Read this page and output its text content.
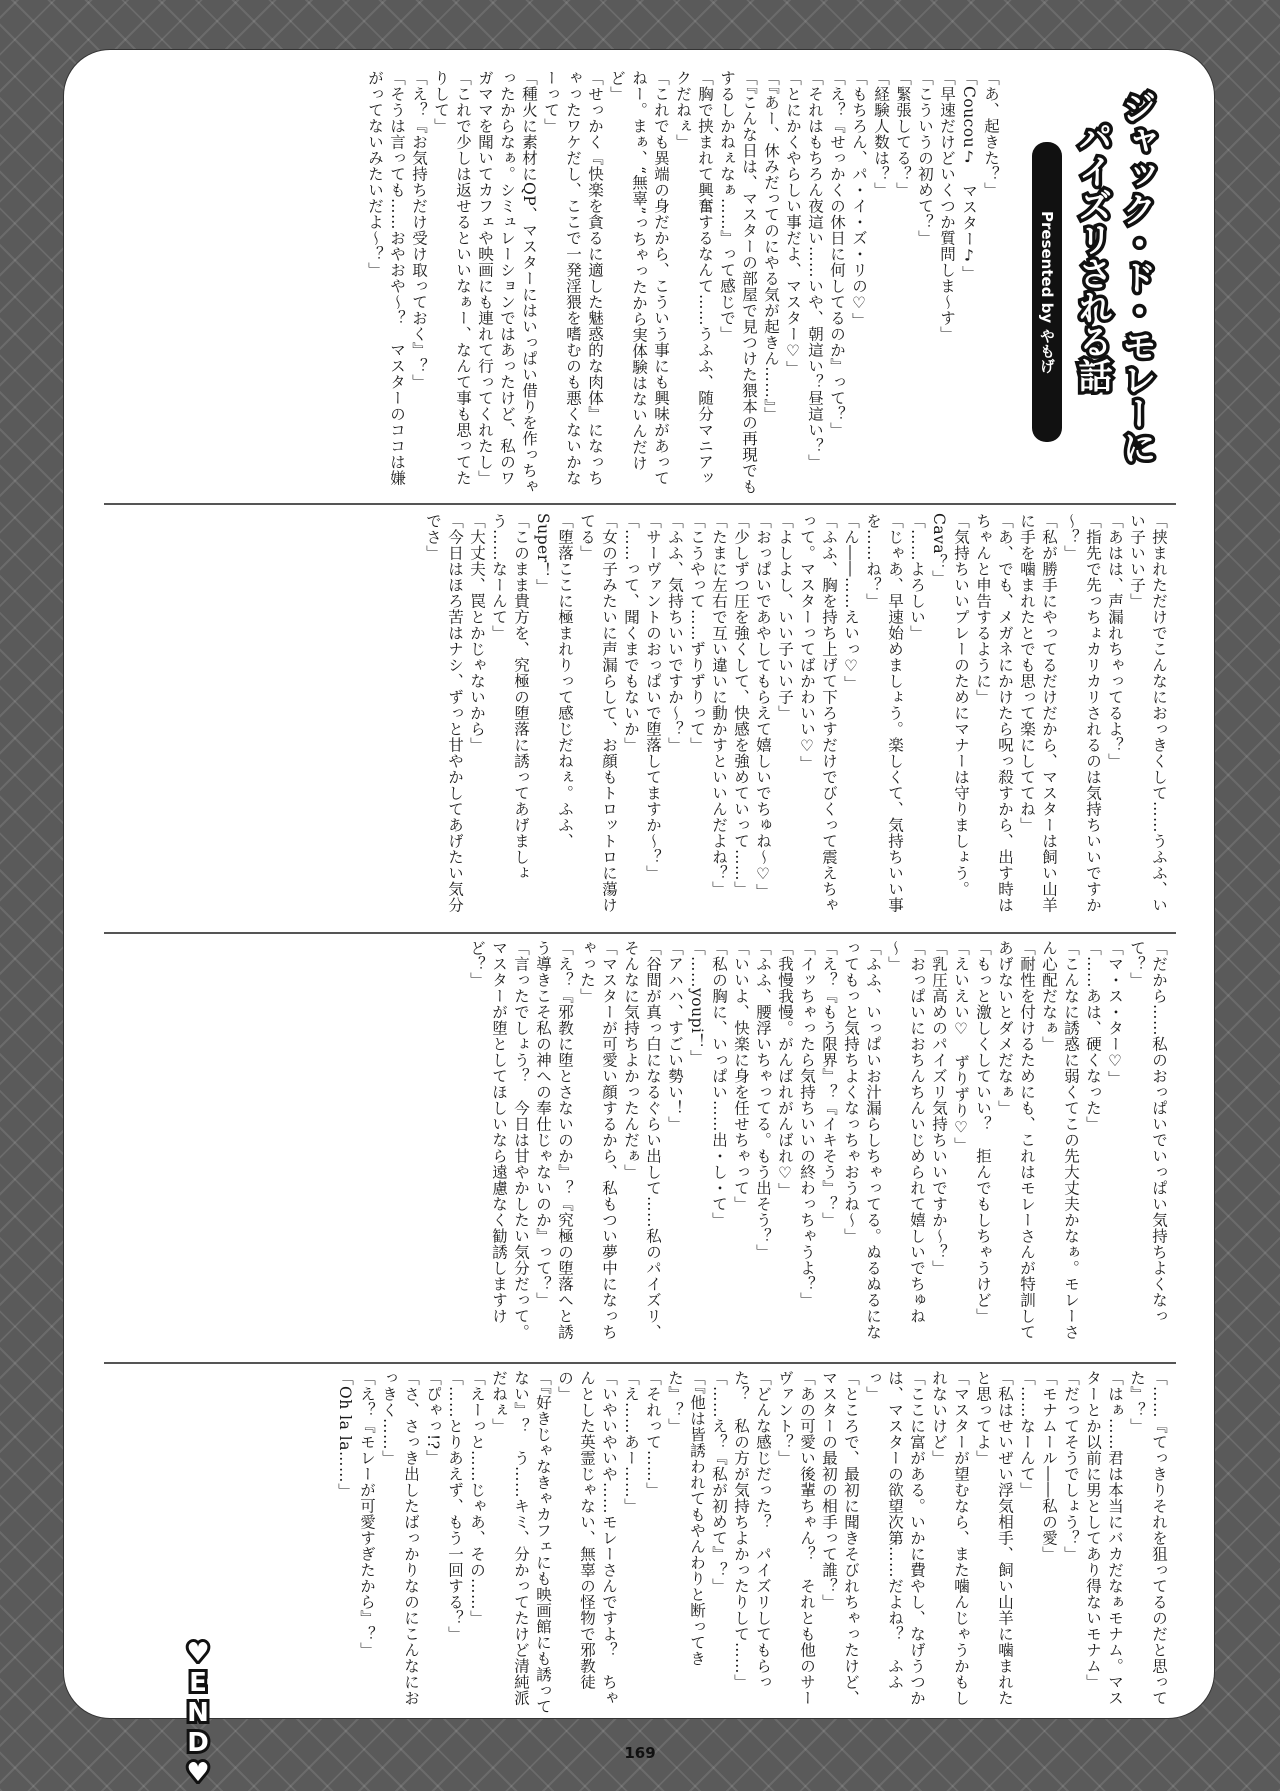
ジャック・ド・モレーに
パイズリされる話
Presented by やもげ
「あ、起きた？」
「Coucou♪　マスター♪」
「早速だけどいくつか質問しま～す」
「こういうの初めて？」
「緊張してる？」
「経験人数は？」
「もちろん、パ・イ・ズ・リの♡」
「え？『せっかくの休日に何してるのか』って？」
「それはもちろん夜這い……いや、朝這い？昼這い？」
「とにかくやらしい事だよ、マスター♡」
「『あー、休みだってのにやる気が起きん……』」
「『こんな日は、マスターの部屋で見つけた猥本の再現でもするしかねぇなぁ……』って感じで」
「胸で挟まれて興奮するなんて……うふふ、随分マニアックだねぇ」
「これでも異端の身だから、こういう事にも興味があってねー。まぁ、“無辜”っちゃったから実体験はないんだけど」
「せっかく『快楽を貪るに適した魅惑的な肉体』になっちゃったワケだし、ここで一発淫猥を嗜むのも悪くないかなーって」
「種火に素材にQP、マスターにはいっぱい借りを作っちゃったからなぁ。シミュレーションではあったけど、私のワガママを聞いてカフェや映画にも連れて行ってくれたし」
「これで少しは返せるといいなぁー、なんて事も思ってたりして」
「え？『お気持ちだけ受け取っておく』？」
「そうは言っても……おやおや～？　マスターのココは嫌がってないみたいだよ～？」
「挟まれただけでこんなにおっきくして……うふふ、いい子いい子」
「あはは、声漏れちゃってるよ？」
「指先で先っちょカリカリされるのは気持ちいいですか～？」
「私が勝手にやってるだけだから、マスターは飼い山羊に手を噛まれたとでも思って楽にしててね」
「あ、でも、メガネにかけたら呪っ殺すから、出す時はちゃんと申告するように」
「気持ちいいプレーのためにマナーは守りましょう。Cava？」
「……よろしい」
「じゃあ、早速始めましょう。楽しくて、気持ちいい事を……ね？」
「ん――……えいっ♡」
「ふふ、胸を持ち上げて下ろすだけでびくって震えちゃって。マスターってばかわいい♡」
「よしよし、いい子いい子」
「おっぱいであやしてもらえて嬉しいでちゅね～♡」
「少しずつ圧を強くして、快感を強めていって……」
「たまに左右で互い違いに動かすといいんだよね？」
「こうやって……ずりずりって」
「ふふ、気持ちいいですか～？」
「サーヴァントのおっぱいで堕落してますか～？」
「……って、聞くまでもないか」
「女の子みたいに声漏らして、お顔もトロットロに蕩けてる」
「堕落ここに極まれりって感じだねぇ。ふふ、Super！」
「このまま貴方を、究極の堕落に誘ってあげましょう……なーんて」
「大丈夫、罠とかじゃないから」
「今日はほろ苦はナシ、ずっと甘やかしてあげたい気分でさ」
「だから……私のおっぱいでいっぱい気持ちよくなって？」
「マ・ス・ター♡」
「……あは、硬くなった」
「こんなに誘惑に弱くてこの先大丈夫かなぁ。モレーさん心配だなぁ」
「耐性を付けるためにも、これはモレーさんが特訓してあげないとダメだなぁ」
「もっと激しくしていい？　拒んでもしちゃうけど」
「えいえい♡　ずりずり♡」
「乳圧高めのパイズリ気持ちいいですか～？」
「おっぱいにおちんちんいじめられて嬉しいでちゅね～」
「ふふ、いっぱいお汁漏らしちゃってる。ぬるぬるになってもっと気持ちよくなっちゃおうね～」
「え？『もう限界』？『イキそう』？」
「イッちゃったら気持ちいいの終わっちゃうよ？」
「我慢我慢。がんばれがんばれ♡」
「ふふ、腰浮いちゃってる。もう出そう？」
「いいよ、快楽に身を任せちゃって」
「私の胸に、いっぱい……出・し・て」
「……youpi！」
「アハハ、すごい勢い！」
「谷間が真っ白になるぐらい出して……私のパイズリ、そんなに気持ちよかったんだぁ」
「マスターが可愛い顔するから、私もつい夢中になっちゃった」
「え？『邪教に堕とさないのか』？『究極の堕落へと誘う導きこそ私の神への奉仕じゃないのか』って？」
「言ったでしょう？　今日は甘やかしたい気分だって。マスターが堕としてほしいなら遠慮なく勧誘しますけど？」
「……『てっきりそれを狙ってるのだと思ってた』？」
「はぁ……君は本当にバカだなぁモナム。マスターとか以前に男としてあり得ないモナム」
「だってそうでしょう？」
「モナムール――私の愛」
「……なーんて」
「私はせいぜい浮気相手、飼い山羊に噛まれたと思ってよ」
「マスターが望むなら、また噛んじゃうかもしれないけど」
「ここに富がある。いかに費やし、なげうつかは、マスターの欲望次第……だよね？　ふふっ」
「ところで、最初に聞きそびれちゃったけど、マスターの最初の相手って誰？」
「あの可愛い後輩ちゃん？　それとも他のサーヴァント？」
「どんな感じだった？　パイズリしてもらった？　私の方が気持ちよかったりして……」
「……え？『私が初めて』？」
「『他は皆誘われてもやんわりと断ってきた』？」
「それって……」
「え……あー……」
「いやいやいや……モレーさんですよ？　ちゃんとした英霊じゃない、無辜の怪物で邪教徒の」
「『好きじゃなきゃカフェにも映画館にも誘ってない』？　う……キミ、分かってたけど清純派だねぇ」
「えーっと……じゃあ、その……」
「……とりあえず、もう一回する？」
「ぴゃっ!?」
「さ、さっき出したばっかりなのにこんなにおっきく……」
「え？『モレーが可愛すぎたから』？」
「Oh la la……」
♥END♥	169
